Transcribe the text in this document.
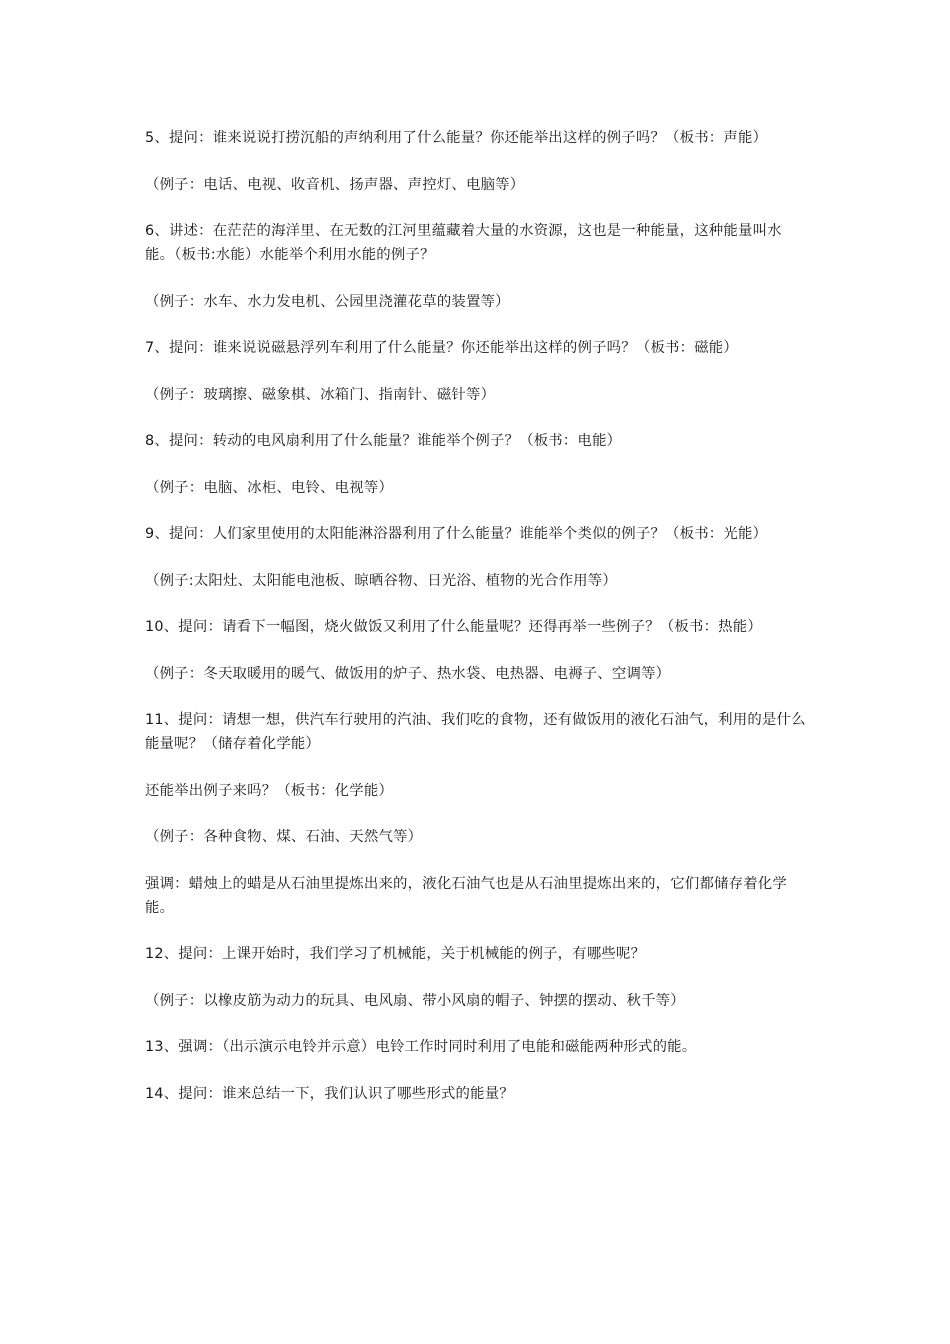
5、提问：谁来说说打捞沉船的声纳利用了什么能量？你还能举出这样的例子吗？（板书：声能）

（例子：电话、电视、收音机、扬声器、声控灯、电脑等）

6、讲述：在茫茫的海洋里、在无数的江河里蕴藏着大量的水资源，这也是一种能量，这种能量叫水能。（板书:水能）水能举个利用水能的例子？

（例子：水车、水力发电机、公园里浇灌花草的装置等）

7、提问：谁来说说磁悬浮列车利用了什么能量？你还能举出这样的例子吗？（板书：磁能）

（例子：玻璃擦、磁象棋、冰箱门、指南针、磁针等）

8、提问：转动的电风扇利用了什么能量？谁能举个例子？（板书：电能）

（例子：电脑、冰柜、电铃、电视等）

9、提问：人们家里使用的太阳能淋浴器利用了什么能量？谁能举个类似的例子？（板书：光能）

（例子:太阳灶、太阳能电池板、晾晒谷物、日光浴、植物的光合作用等）

10、提问：请看下一幅图，烧火做饭又利用了什么能量呢？还得再举一些例子？（板书：热能）

（例子：冬天取暖用的暖气、做饭用的炉子、热水袋、电热器、电褥子、空调等）

11、提问：请想一想，供汽车行驶用的汽油、我们吃的食物，还有做饭用的液化石油气，利用的是什么能量呢？（储存着化学能）

还能举出例子来吗？（板书：化学能）

（例子：各种食物、煤、石油、天然气等）

强调：蜡烛上的蜡是从石油里提炼出来的，液化石油气也是从石油里提炼出来的，它们都储存着化学能。

12、提问：上课开始时，我们学习了机械能，关于机械能的例子，有哪些呢？

（例子：以橡皮筋为动力的玩具、电风扇、带小风扇的帽子、钟摆的摆动、秋千等）

13、强调：（出示演示电铃并示意）电铃工作时同时利用了电能和磁能两种形式的能。

14、提问：谁来总结一下，我们认识了哪些形式的能量？
